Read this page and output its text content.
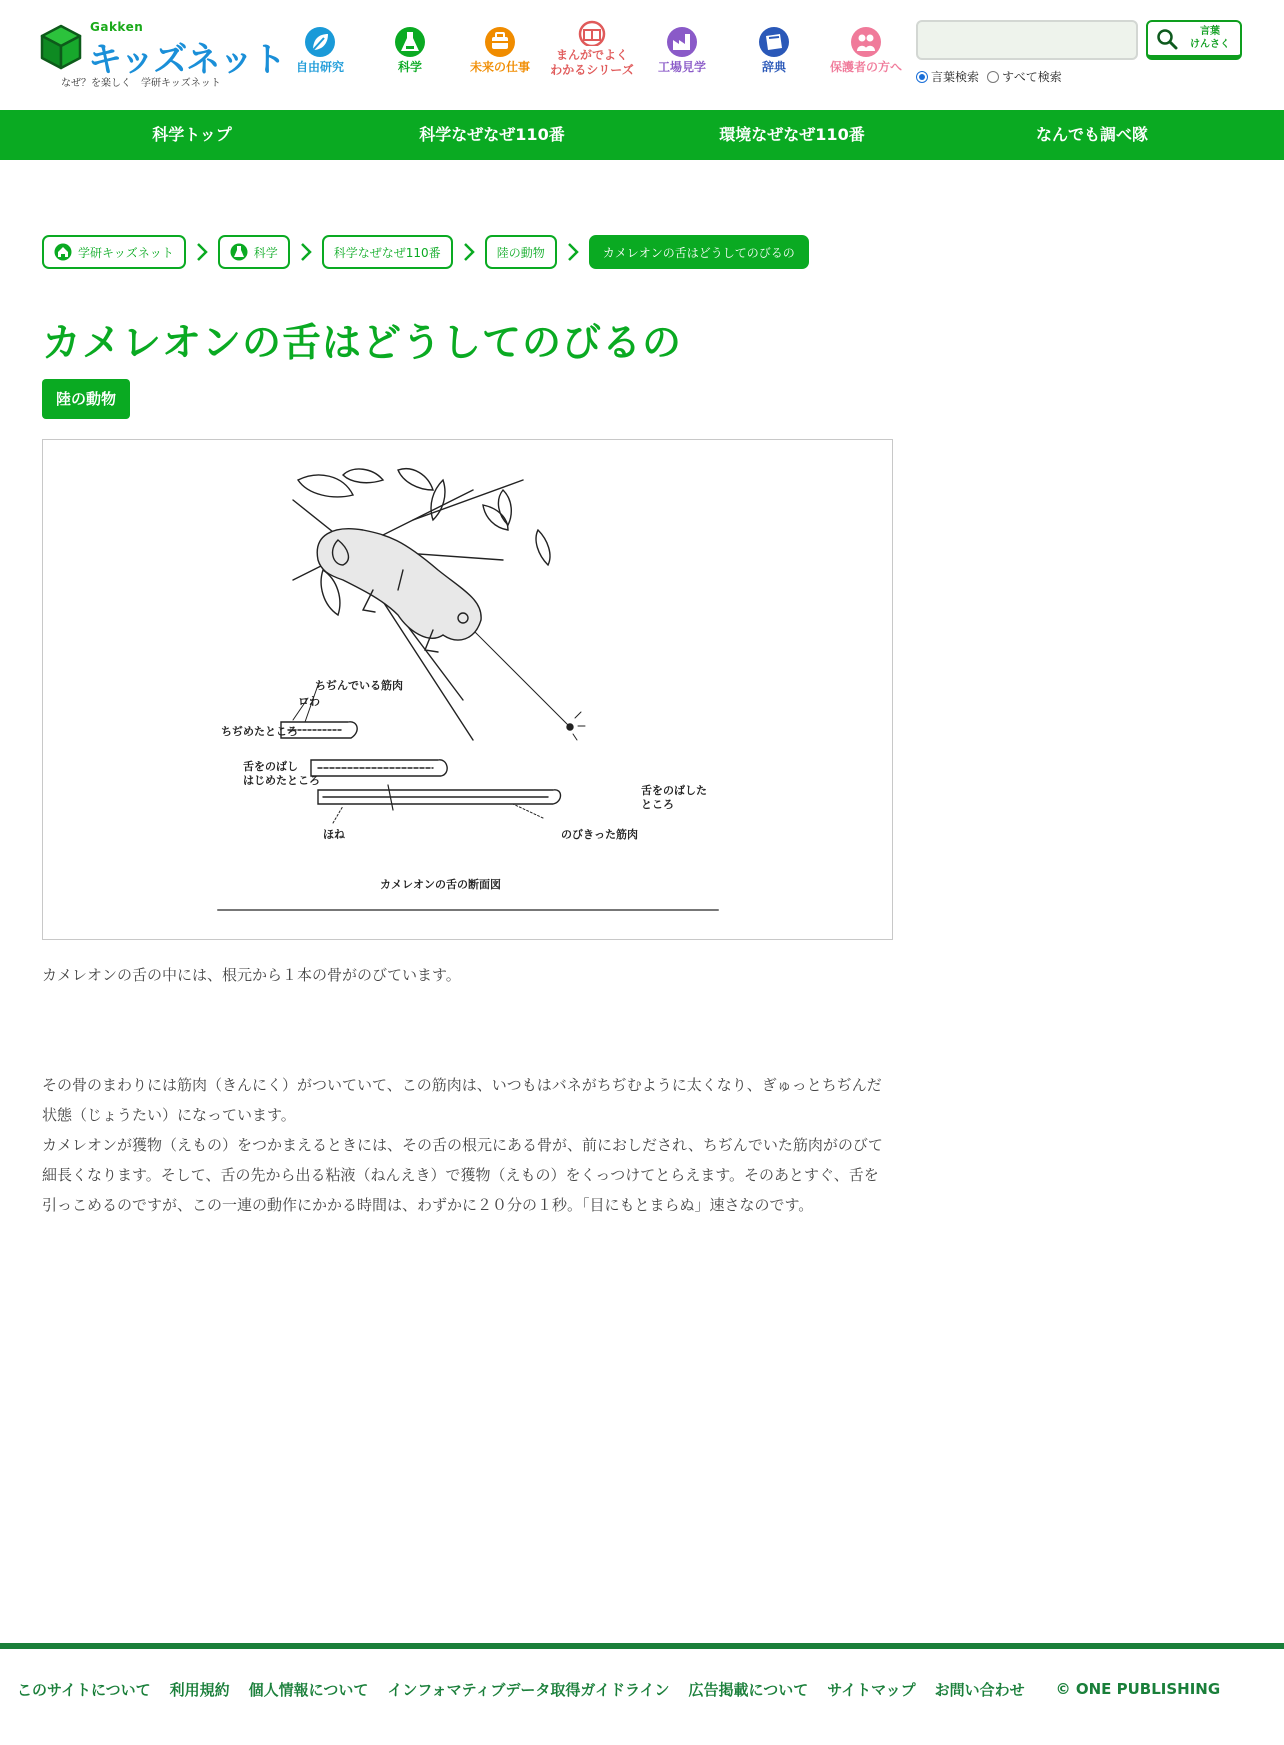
Gakken
キッズネット
なぜ？を楽しく　学研キッズネット
自由研究	科学	未来の仕事
まんがでよく
わかるシリーズ	工場見学	辞典	保護者の方へ
言葉
けんさく
言葉検索 すべて検索
科学トップ	科学なぜなぜ110番	環境なぜなぜ110番	なんでも調べ隊
学研キッズネット	科学	科学なぜなぜ110番	陸の動物	カメレオンの舌はどうしてのびるの
カメレオンの舌はどうしてのびるの
陸の動物
ちぢんでいる筋肉
ロわ
ちぢめたところ
舌をのばし
はじめたところ
舌をのばした
ところ
ほね	のびきった筋肉
カメレオンの舌の断面図

カメレオンの舌の中には、根元から１本の骨がのびています。

その骨のまわりには筋肉（きんにく）がついていて、この筋肉は、いつもはバネがちぢむように太くなり、ぎゅっとちぢんだ状態（じょうたい）になっています。

カメレオンが獲物（えもの）をつかまえるときには、その舌の根元にある骨が、前におしだされ、ちぢんでいた筋肉がのびて細長くなります。そして、舌の先から出る粘液（ねんえき）で獲物（えもの）をくっつけてとらえます。そのあとすぐ、舌を引っこめるのですが、この一連の動作にかかる時間は、わずかに２０分の１秒。「目にもとまらぬ」速さなのです。

このサイトについて 利用規約 個人情報について インフォマティブデータ取得ガイドライン 広告掲載について サイトマップ お問い合わせ © ONE PUBLISHING
